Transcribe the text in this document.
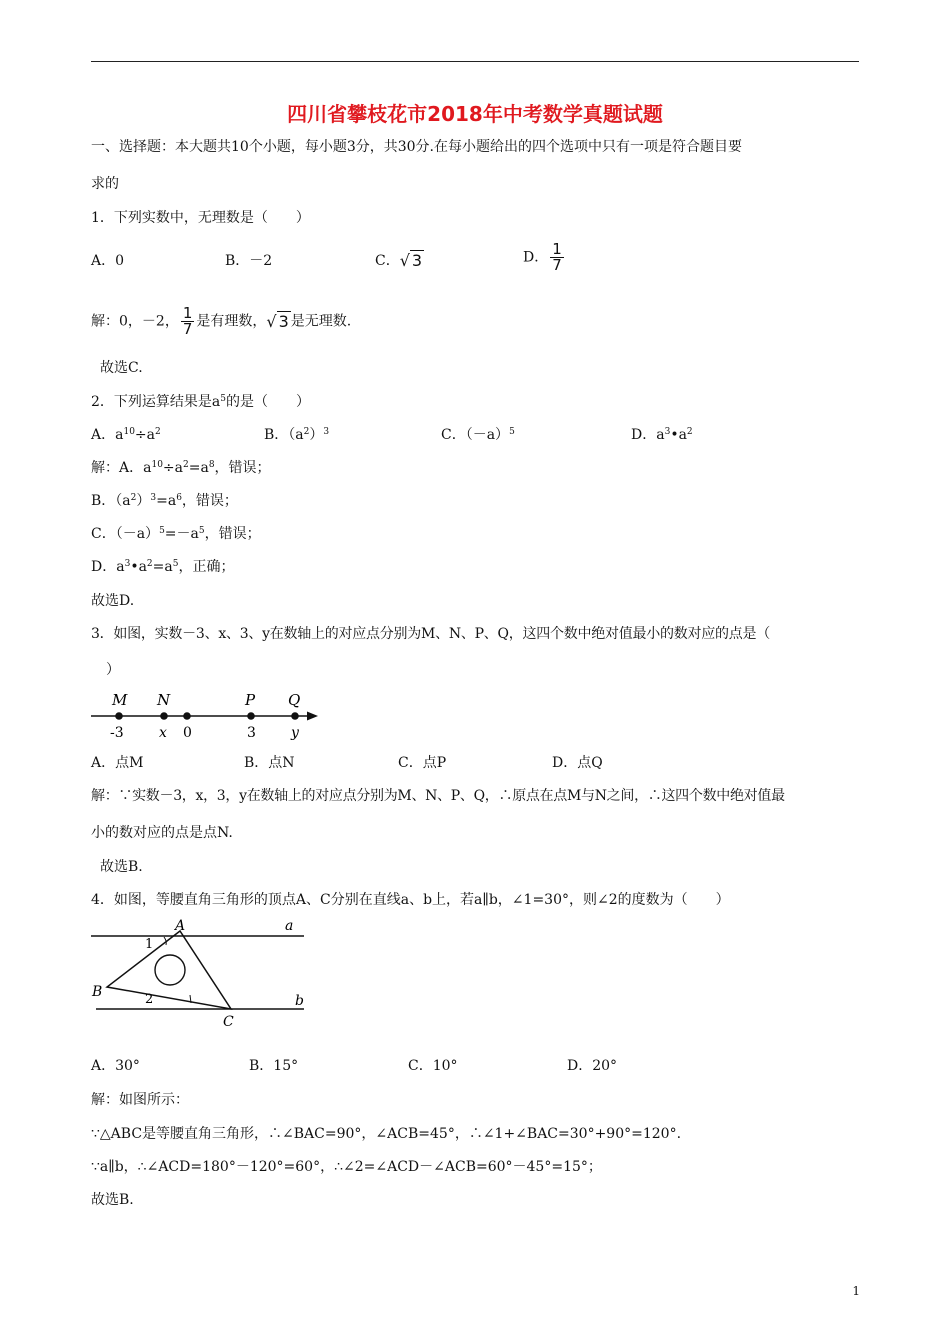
四川省攀枝花市2018年中考数学真题试题
一、选择题：本大题共10个小题，每小题3分，共30分.在每小题给出的四个选项中只有一项是符合题目要
求的
1．下列实数中，无理数是（　　）
A．0	B．－2	C．√ 3	D． $\frac{1}{7}$
解：0，－2， $\frac{1}{7}$ 是有理数，√ 3 是无理数.
故选C.
2．下列运算结果是$a^5$的是（　　）
A．$a^{10}\div a^2$	B．$(a^2)^3$	C．$(-a)^5$	D．$a^3•a^2$
解：A．$a^{10}\div a^2=a^8$，错误；
B．$(a^2)^3=a^6$，错误；
C．$(-a)^5=-a^5$，错误；
D．$a^3•a^2=a^5$，正确；
故选D.
3．如图，实数－3、x、3、y在数轴上的对应点分别为M、N、P、Q，这四个数中绝对值最小的数对应的点是（
）
M N	P Q
-3	x 0	3	y
A．点M	B．点N	C．点P	D．点Q
解：∵实数－3，x，3，y在数轴上的对应点分别为M、N、P、Q，∴原点在点M与N之间，∴这四个数中绝对值最
小的数对应的点是点N.
故选B.
4．如图，等腰直角三角形的顶点A、C分别在直线a、b上，若a∥b，∠1=30°，则∠2的度数为（　　）
A
B
C
a
b
1
2
A．30°	B．15°	C．10°	D．20°
解：如图所示：
∵△ABC是等腰直角三角形，∴∠BAC=90°，∠ACB=45°，∴∠1+∠BAC=30°+90°=120°.
∵a∥b，∴∠ACD=180°－120°=60°，∴∠2=∠ACD－∠ACB=60°－45°=15°；
故选B.
1
